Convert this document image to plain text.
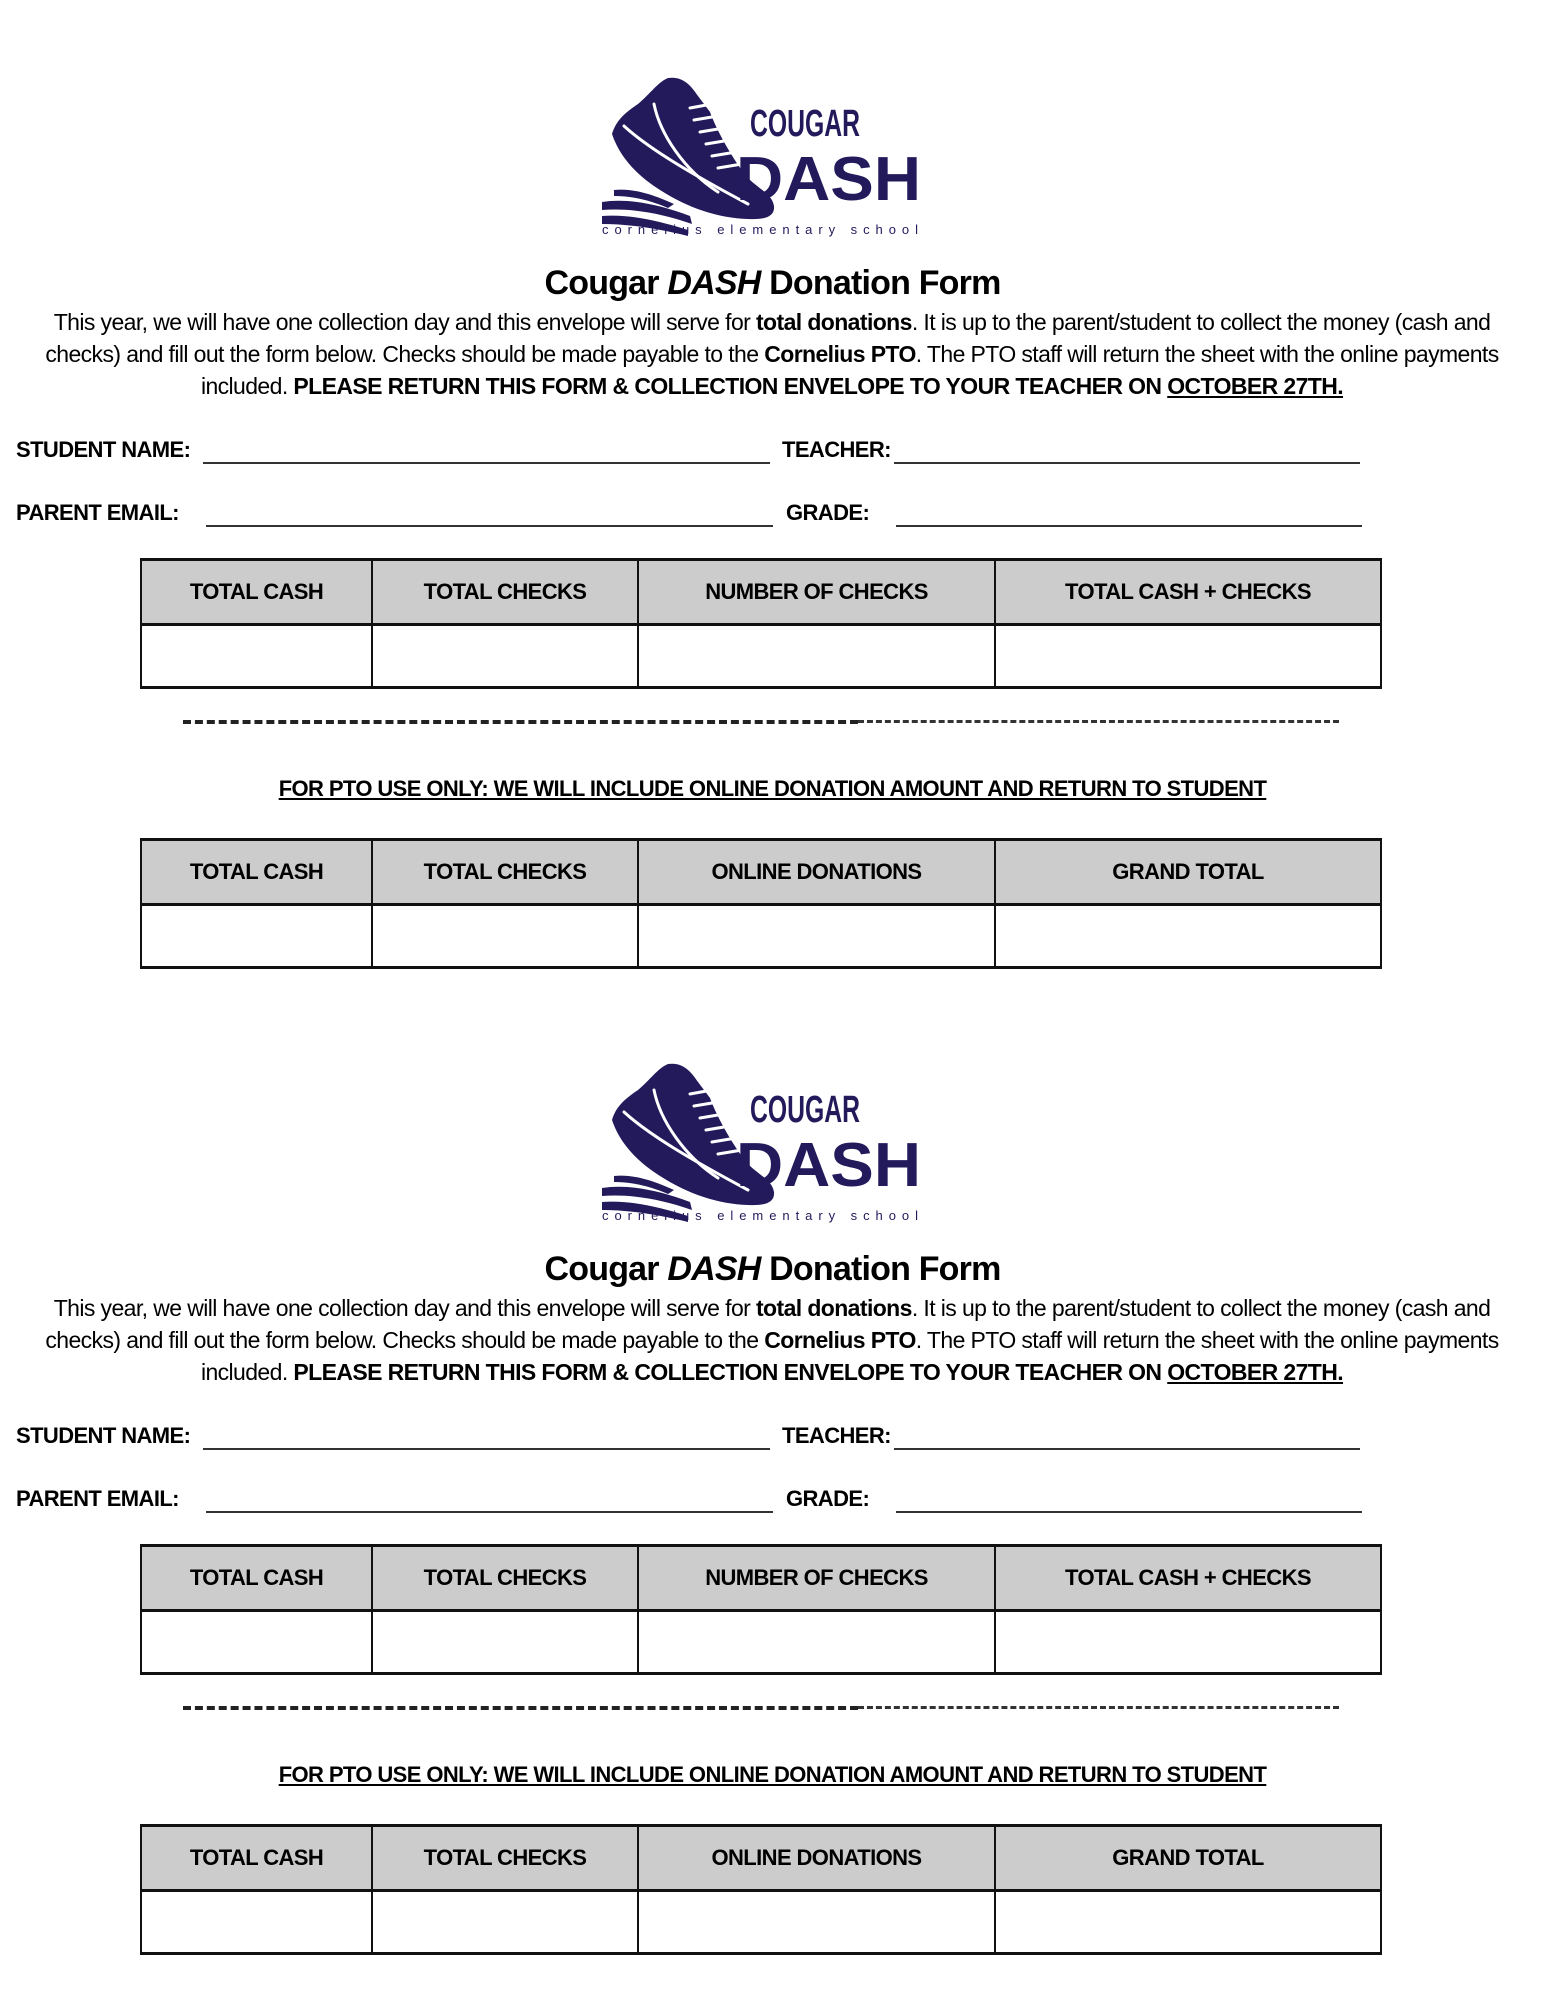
COUGAR
DASH
cornelius elementary school
Cougar DASH Donation Form
This year, we will have one collection day and this envelope will serve for total donations. It is up to the parent/student to collect the money (cash and checks) and fill out the form below. Checks should be made payable to the Cornelius PTO. The PTO staff will return the sheet with the online payments included. PLEASE RETURN THIS FORM & COLLECTION ENVELOPE TO YOUR TEACHER ON OCTOBER 27TH.
STUDENT NAME:	TEACHER:
PARENT EMAIL:	GRADE:
TOTAL CASH	TOTAL CHECKS	NUMBER OF CHECKS	TOTAL CASH + CHECKS

FOR PTO USE ONLY: WE WILL INCLUDE ONLINE DONATION AMOUNT AND RETURN TO STUDENT
TOTAL CASH	TOTAL CHECKS	ONLINE DONATIONS	GRAND TOTAL

COUGAR
DASH
cornelius elementary school
Cougar DASH Donation Form
This year, we will have one collection day and this envelope will serve for total donations. It is up to the parent/student to collect the money (cash and checks) and fill out the form below. Checks should be made payable to the Cornelius PTO. The PTO staff will return the sheet with the online payments included. PLEASE RETURN THIS FORM & COLLECTION ENVELOPE TO YOUR TEACHER ON OCTOBER 27TH.
STUDENT NAME:	TEACHER:
PARENT EMAIL:	GRADE:
TOTAL CASH	TOTAL CHECKS	NUMBER OF CHECKS	TOTAL CASH + CHECKS

FOR PTO USE ONLY: WE WILL INCLUDE ONLINE DONATION AMOUNT AND RETURN TO STUDENT
TOTAL CASH	TOTAL CHECKS	ONLINE DONATIONS	GRAND TOTAL
